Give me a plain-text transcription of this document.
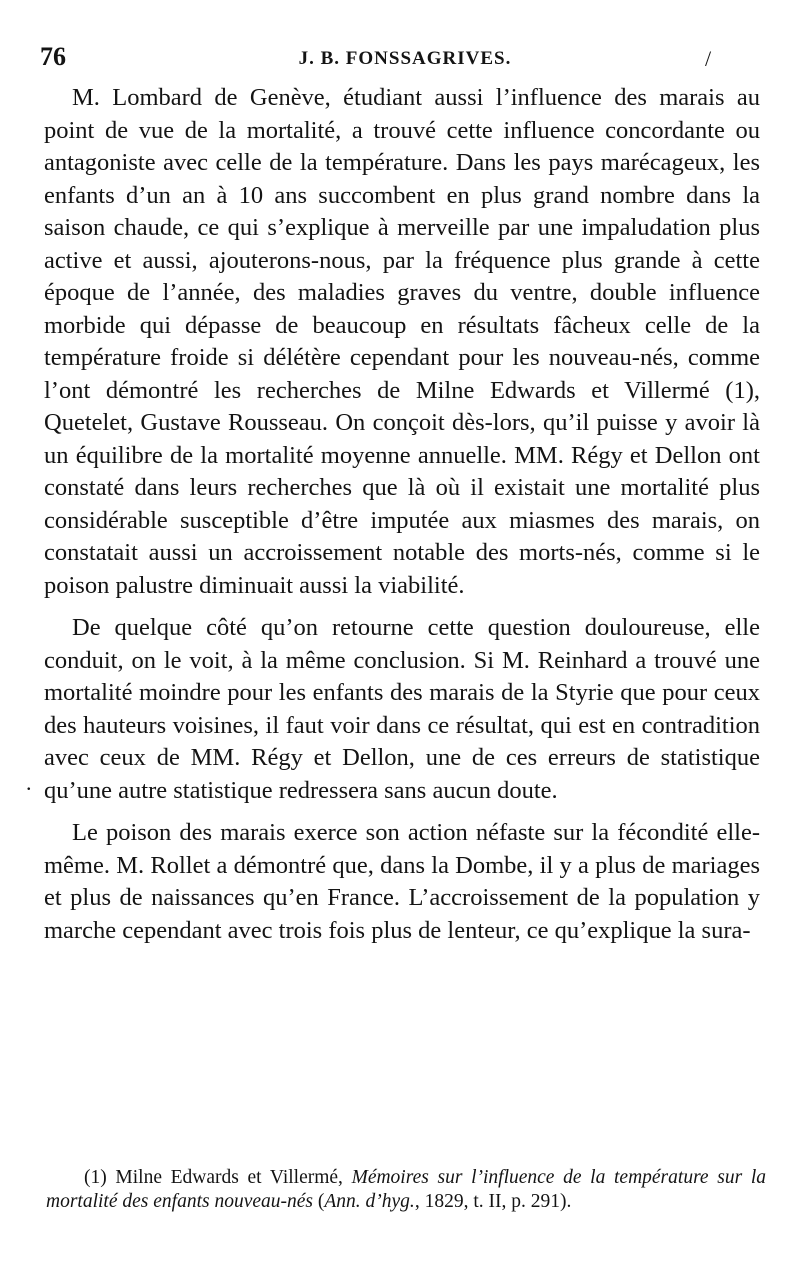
76	J. B. FONSSAGRIVES.	/
.

M. Lombard de Genève, étudiant aussi l’influence des marais au point de vue de la mortalité, a trouvé cette influence concordante ou antagoniste avec celle de la température. Dans les pays marécageux, les enfants d’un an à 10 ans succombent en plus grand nombre dans la saison chaude, ce qui s’explique à merveille par une impaludation plus active et aussi, ajouterons-nous, par la fréquence plus grande à cette époque de l’année, des maladies graves du ventre, double influence morbide qui dépasse de beaucoup en résultats fâcheux celle de la température froide si délétère cependant pour les nouveau-nés, comme l’ont démontré les recherches de Milne Edwards et Villermé (1), Quetelet, Gustave Rousseau. On conçoit dès-lors, qu’il puisse y avoir là un équilibre de la mortalité moyenne annuelle. MM. Régy et Dellon ont constaté dans leurs recherches que là où il existait une mortalité plus considérable susceptible d’être imputée aux miasmes des marais, on constatait aussi un accroissement notable des morts-nés, comme si le poison palustre diminuait aussi la viabilité.

De quelque côté qu’on retourne cette question douloureuse, elle conduit, on le voit, à la même conclusion. Si M. Reinhard a trouvé une mortalité moindre pour les enfants des marais de la Styrie que pour ceux des hauteurs voisines, il faut voir dans ce résultat, qui est en contradition avec ceux de MM. Régy et Dellon, une de ces erreurs de statistique qu’une autre statistique redressera sans aucun doute.

Le poison des marais exerce son action néfaste sur la fécondité elle-même. M. Rollet a démontré que, dans la Dombe, il y a plus de mariages et plus de naissances qu’en France. L’accroissement de la population y marche cependant avec trois fois plus de lenteur, ce qu’explique la sura-

(1) Milne Edwards et Villermé, Mémoires sur l’influence de la température sur la mortalité des enfants nouveau-nés (Ann. d’hyg., 1829, t. II, p. 291).
